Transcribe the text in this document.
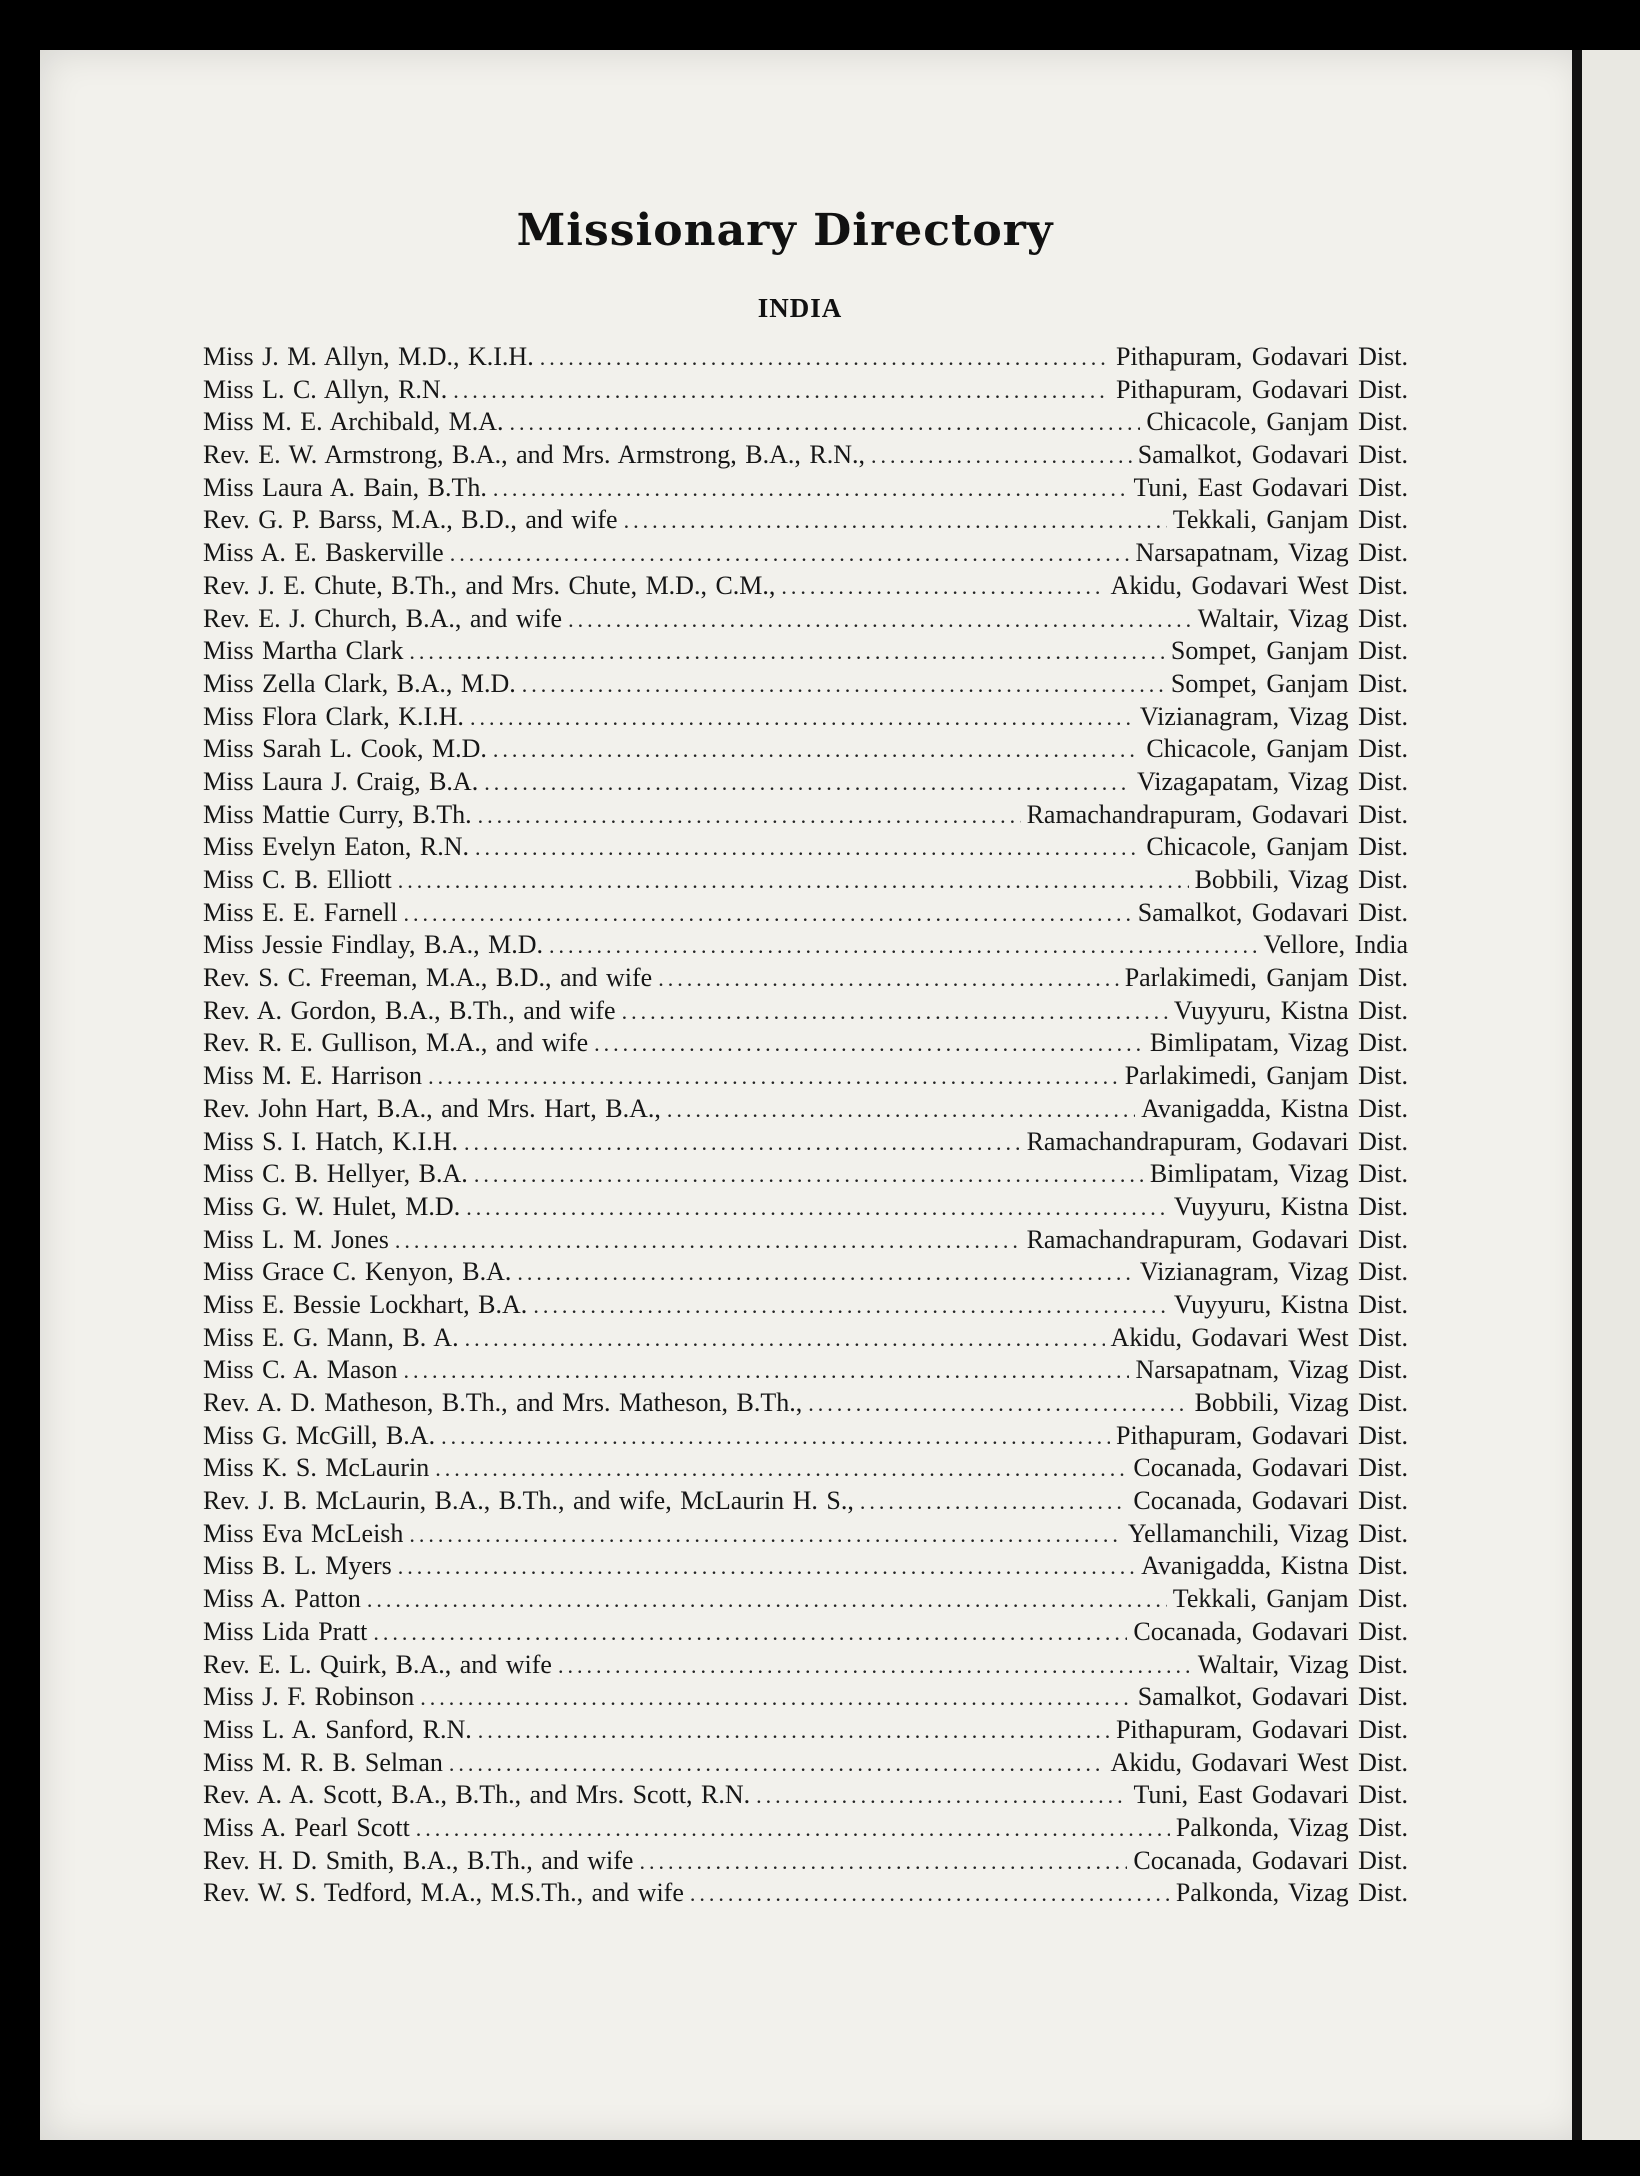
Missionary Directory
INDIA
Miss J. M. Allyn, M.D., K.I.H. .....	Pithapuram, Godavari Dist.
Miss L. C. Allyn, R.N. .....	Pithapuram, Godavari Dist.
Miss M. E. Archibald, M.A. .....	Chicacole, Ganjam Dist.
Rev. E. W. Armstrong, B.A., and Mrs. Armstrong, B.A., R.N., .....	Samalkot, Godavari Dist.
Miss Laura A. Bain, B.Th. .....	Tuni, East Godavari Dist.
Rev. G. P. Barss, M.A., B.D., and wife .....	Tekkali, Ganjam Dist.
Miss A. E. Baskerville .....	Narsapatnam, Vizag Dist.
Rev. J. E. Chute, B.Th., and Mrs. Chute, M.D., C.M., .....	Akidu, Godavari West Dist.
Rev. E. J. Church, B.A., and wife .....	Waltair, Vizag Dist.
Miss Martha Clark .....	Sompet, Ganjam Dist.
Miss Zella Clark, B.A., M.D. .....	Sompet, Ganjam Dist.
Miss Flora Clark, K.I.H. .....	Vizianagram, Vizag Dist.
Miss Sarah L. Cook, M.D. .....	Chicacole, Ganjam Dist.
Miss Laura J. Craig, B.A. .....	Vizagapatam, Vizag Dist.
Miss Mattie Curry, B.Th. .....	Ramachandrapuram, Godavari Dist.
Miss Evelyn Eaton, R.N. .....	Chicacole, Ganjam Dist.
Miss C. B. Elliott .....	Bobbili, Vizag Dist.
Miss E. E. Farnell .....	Samalkot, Godavari Dist.
Miss Jessie Findlay, B.A., M.D. .....	Vellore, India
Rev. S. C. Freeman, M.A., B.D., and wife .....	Parlakimedi, Ganjam Dist.
Rev. A. Gordon, B.A., B.Th., and wife .....	Vuyyuru, Kistna Dist.
Rev. R. E. Gullison, M.A., and wife .....	Bimlipatam, Vizag Dist.
Miss M. E. Harrison .....	Parlakimedi, Ganjam Dist.
Rev. John Hart, B.A., and Mrs. Hart, B.A., .....	Avanigadda, Kistna Dist.
Miss S. I. Hatch, K.I.H. .....	Ramachandrapuram, Godavari Dist.
Miss C. B. Hellyer, B.A. .....	Bimlipatam, Vizag Dist.
Miss G. W. Hulet, M.D. .....	Vuyyuru, Kistna Dist.
Miss L. M. Jones .....	Ramachandrapuram, Godavari Dist.
Miss Grace C. Kenyon, B.A. .....	Vizianagram, Vizag Dist.
Miss E. Bessie Lockhart, B.A. .....	Vuyyuru, Kistna Dist.
Miss E. G. Mann, B. A. .....	Akidu, Godavari West Dist.
Miss C. A. Mason .....	Narsapatnam, Vizag Dist.
Rev. A. D. Matheson, B.Th., and Mrs. Matheson, B.Th., .....	Bobbili, Vizag Dist.
Miss G. McGill, B.A. .....	Pithapuram, Godavari Dist.
Miss K. S. McLaurin .....	Cocanada, Godavari Dist.
Rev. J. B. McLaurin, B.A., B.Th., and wife, McLaurin H. S., .....	Cocanada, Godavari Dist.
Miss Eva McLeish .....	Yellamanchili, Vizag Dist.
Miss B. L. Myers .....	Avanigadda, Kistna Dist.
Miss A. Patton .....	Tekkali, Ganjam Dist.
Miss Lida Pratt .....	Cocanada, Godavari Dist.
Rev. E. L. Quirk, B.A., and wife .....	Waltair, Vizag Dist.
Miss J. F. Robinson .....	Samalkot, Godavari Dist.
Miss L. A. Sanford, R.N. .....	Pithapuram, Godavari Dist.
Miss M. R. B. Selman .....	Akidu, Godavari West Dist.
Rev. A. A. Scott, B.A., B.Th., and Mrs. Scott, R.N. .....	Tuni, East Godavari Dist.
Miss A. Pearl Scott .....	Palkonda, Vizag Dist.
Rev. H. D. Smith, B.A., B.Th., and wife .....	Cocanada, Godavari Dist.
Rev. W. S. Tedford, M.A., M.S.Th., and wife .....	Palkonda, Vizag Dist.
